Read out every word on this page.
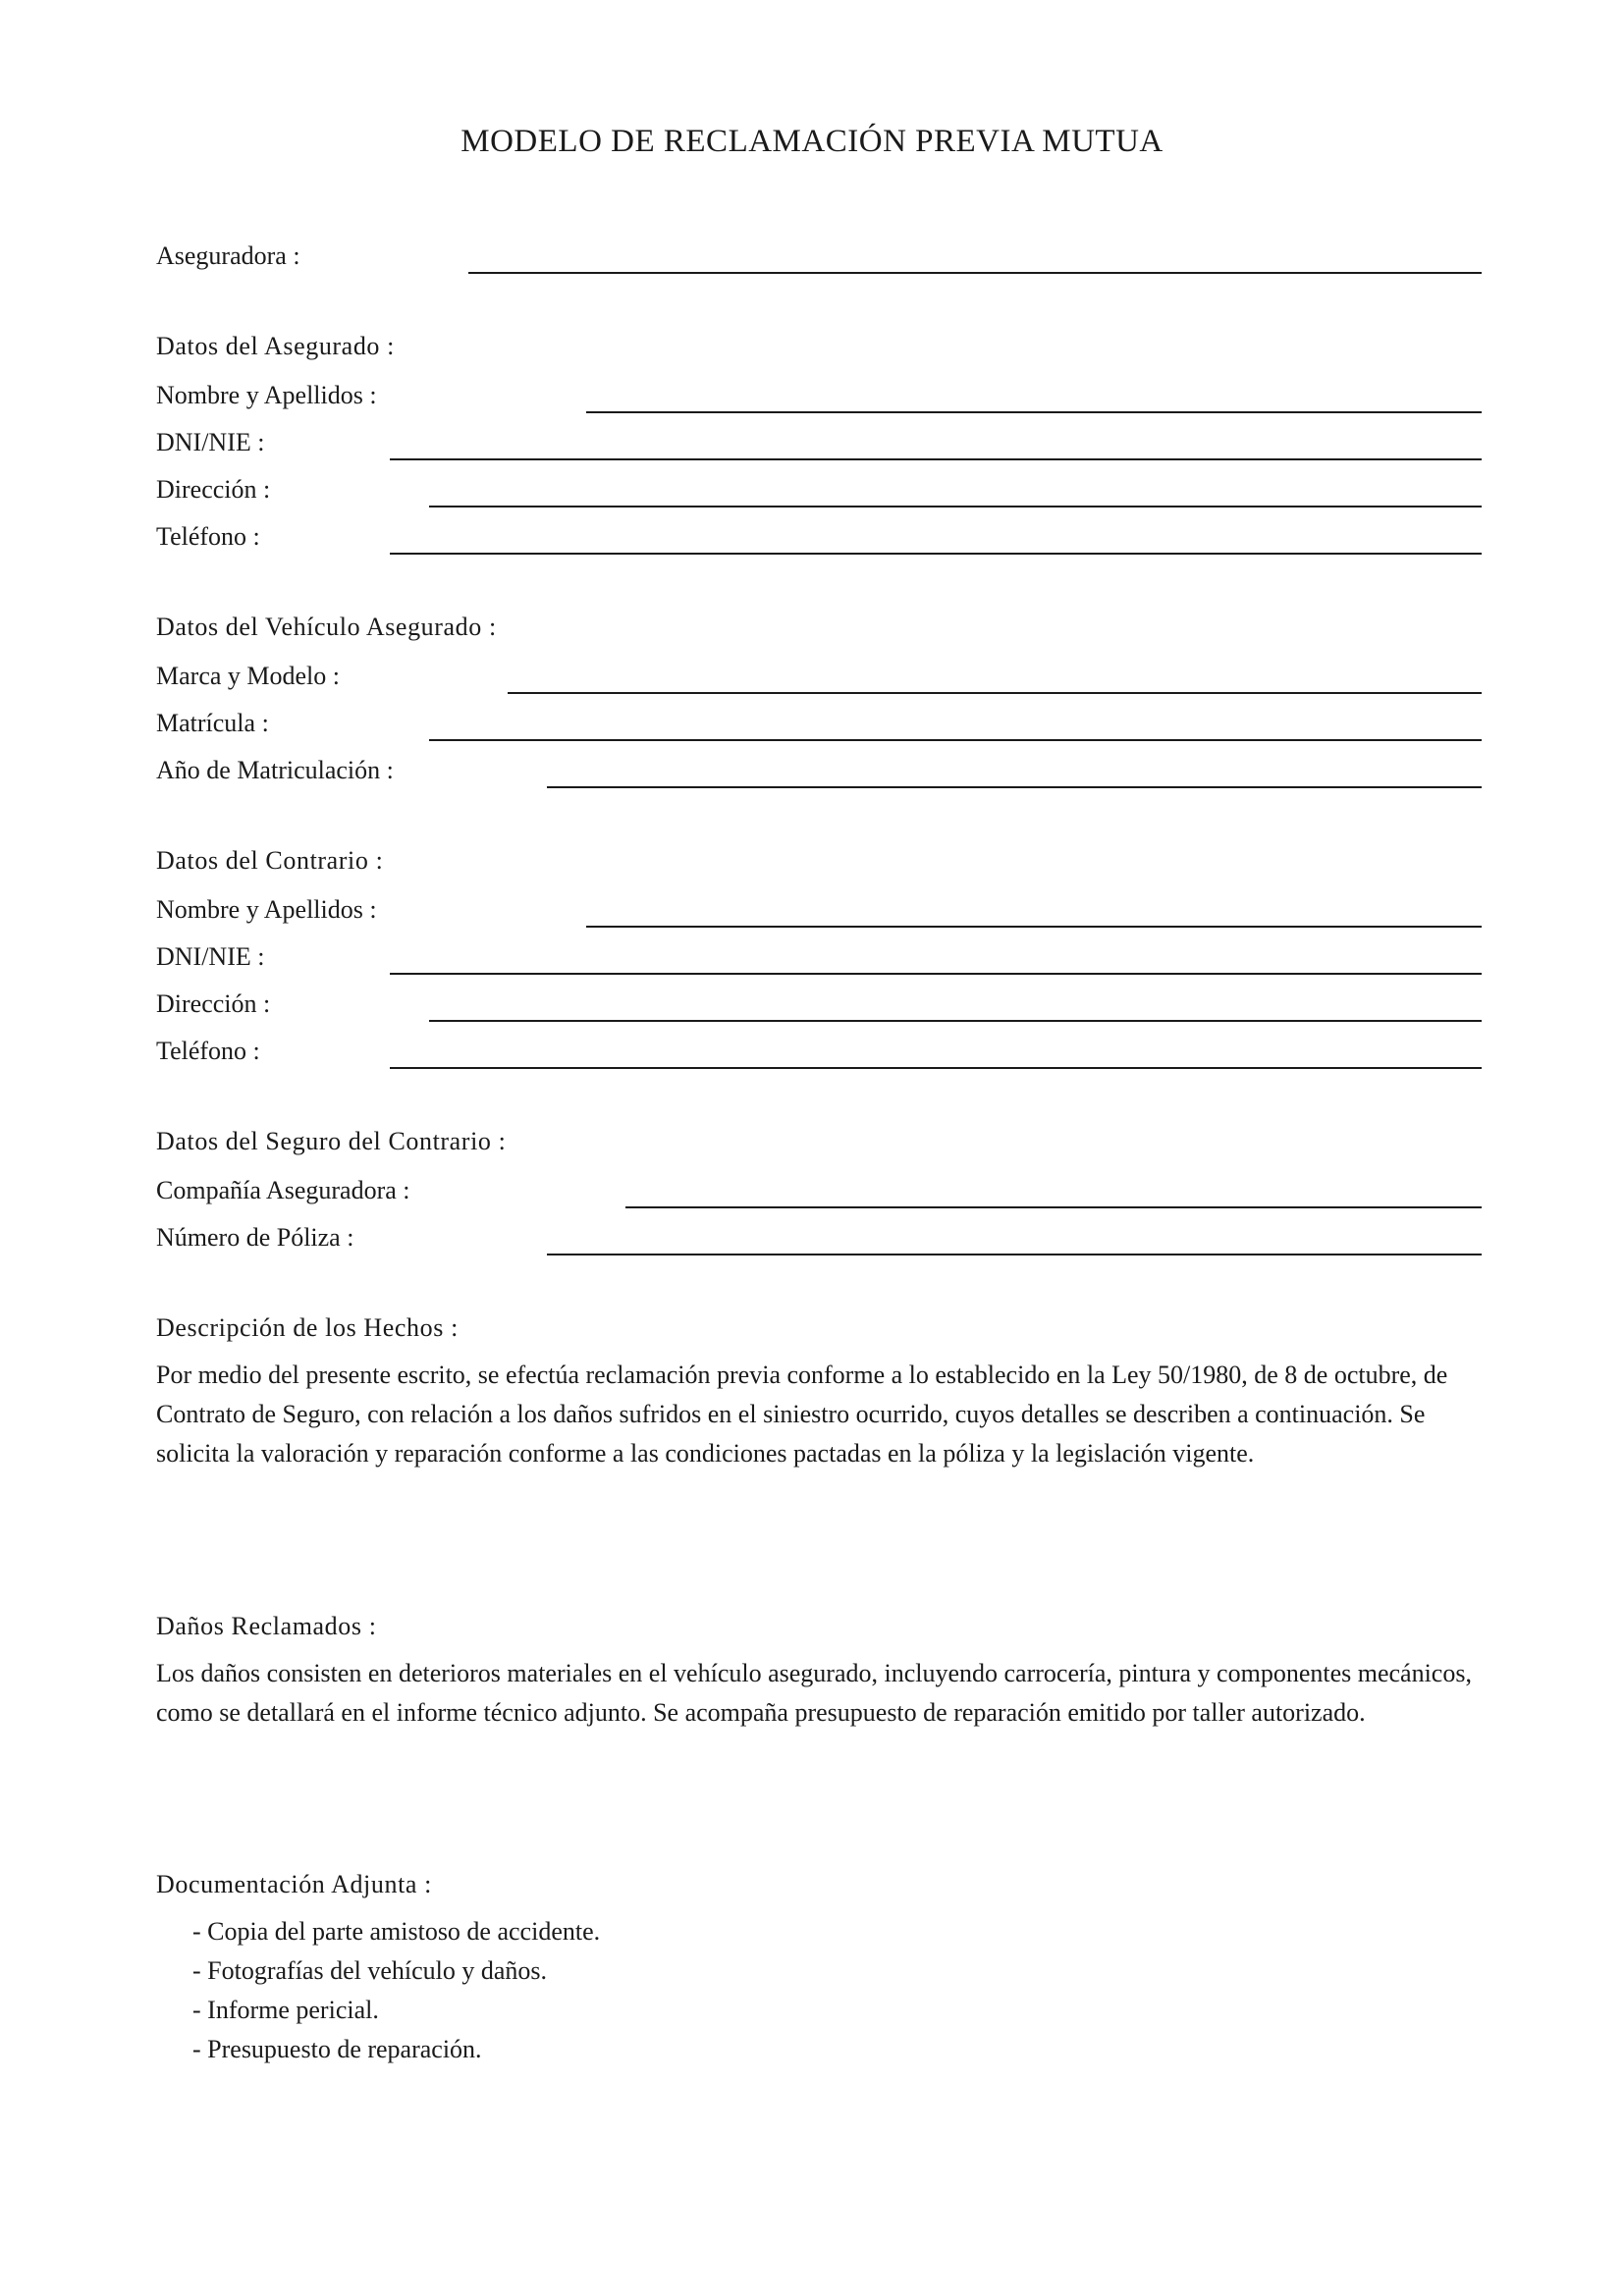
MODELO DE RECLAMACIÓN PREVIA MUTUA
Aseguradora :
Datos del Asegurado :
Nombre y Apellidos :
DNI/NIE :
Dirección :
Teléfono :
Datos del Vehículo Asegurado :
Marca y Modelo :
Matrícula :
Año de Matriculación :
Datos del Contrario :
Nombre y Apellidos :
DNI/NIE :
Dirección :
Teléfono :
Datos del Seguro del Contrario :
Compañía Aseguradora :
Número de Póliza :
Descripción de los Hechos :

Por medio del presente escrito, se efectúa reclamación previa conforme a lo establecido en la Ley 50/1980, de 8 de octubre, de Contrato de Seguro, con relación a los daños sufridos en el siniestro ocurrido, cuyos detalles se describen a continuación. Se solicita la valoración y reparación conforme a las condiciones pactadas en la póliza y la legislación vigente.

Daños Reclamados :

Los daños consisten en deterioros materiales en el vehículo asegurado, incluyendo carrocería, pintura y componentes mecánicos, como se detallará en el informe técnico adjunto. Se acompaña presupuesto de reparación emitido por taller autorizado.

Documentación Adjunta :
- Copia del parte amistoso de accidente.
- Fotografías del vehículo y daños.
- Informe pericial.
- Presupuesto de reparación.
